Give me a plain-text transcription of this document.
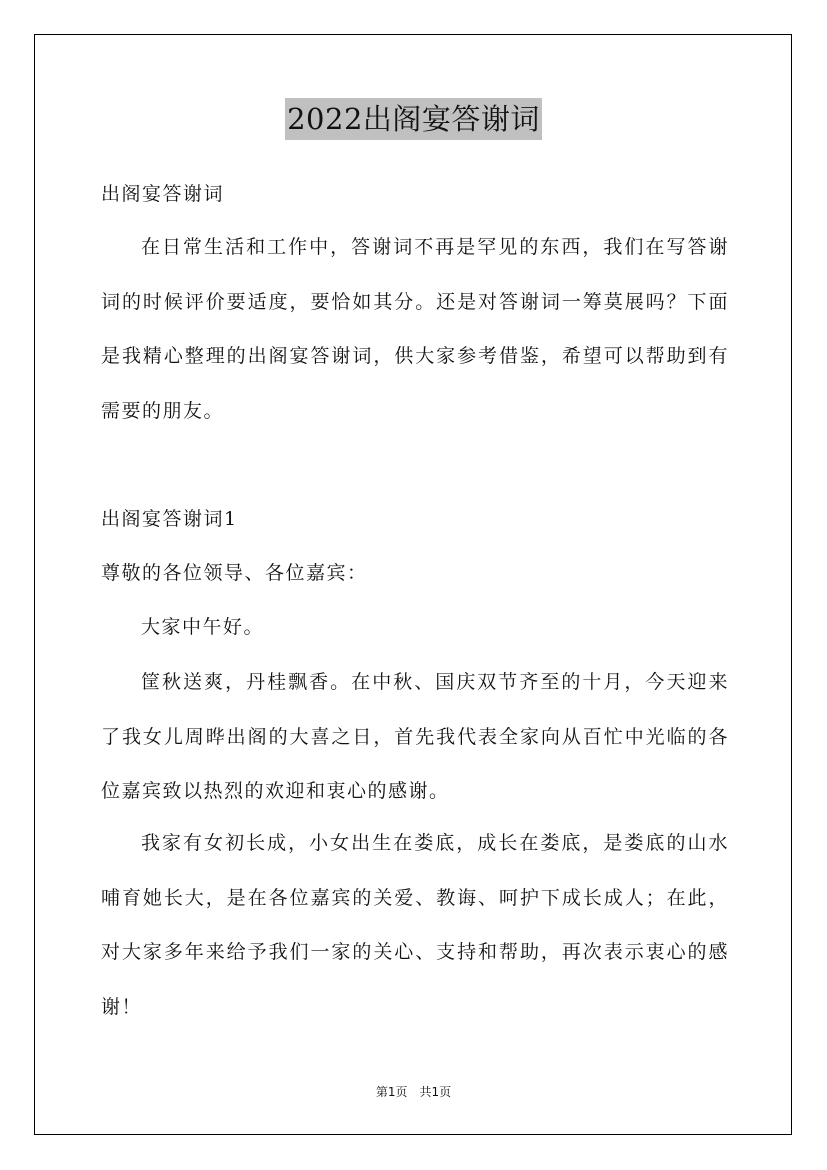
2022出阁宴答谢词

出阁宴答谢词

在日常生活和工作中，答谢词不再是罕见的东西，我们在写答谢词的时候评价要适度，要恰如其分。还是对答谢词一筹莫展吗？下面是我精心整理的出阁宴答谢词，供大家参考借鉴，希望可以帮助到有需要的朋友。

出阁宴答谢词1

尊敬的各位领导、各位嘉宾：

大家中午好。

筐秋送爽，丹桂飘香。在中秋、国庆双节齐至的十月，今天迎来了我女儿周晔出阁的大喜之日，首先我代表全家向从百忙中光临的各位嘉宾致以热烈的欢迎和衷心的感谢。

我家有女初长成，小女出生在娄底，成长在娄底，是娄底的山水哺育她长大，是在各位嘉宾的关爱、教诲、呵护下成长成人；在此，对大家多年来给予我们一家的关心、支持和帮助，再次表示衷心的感谢！

第1页　共1页
